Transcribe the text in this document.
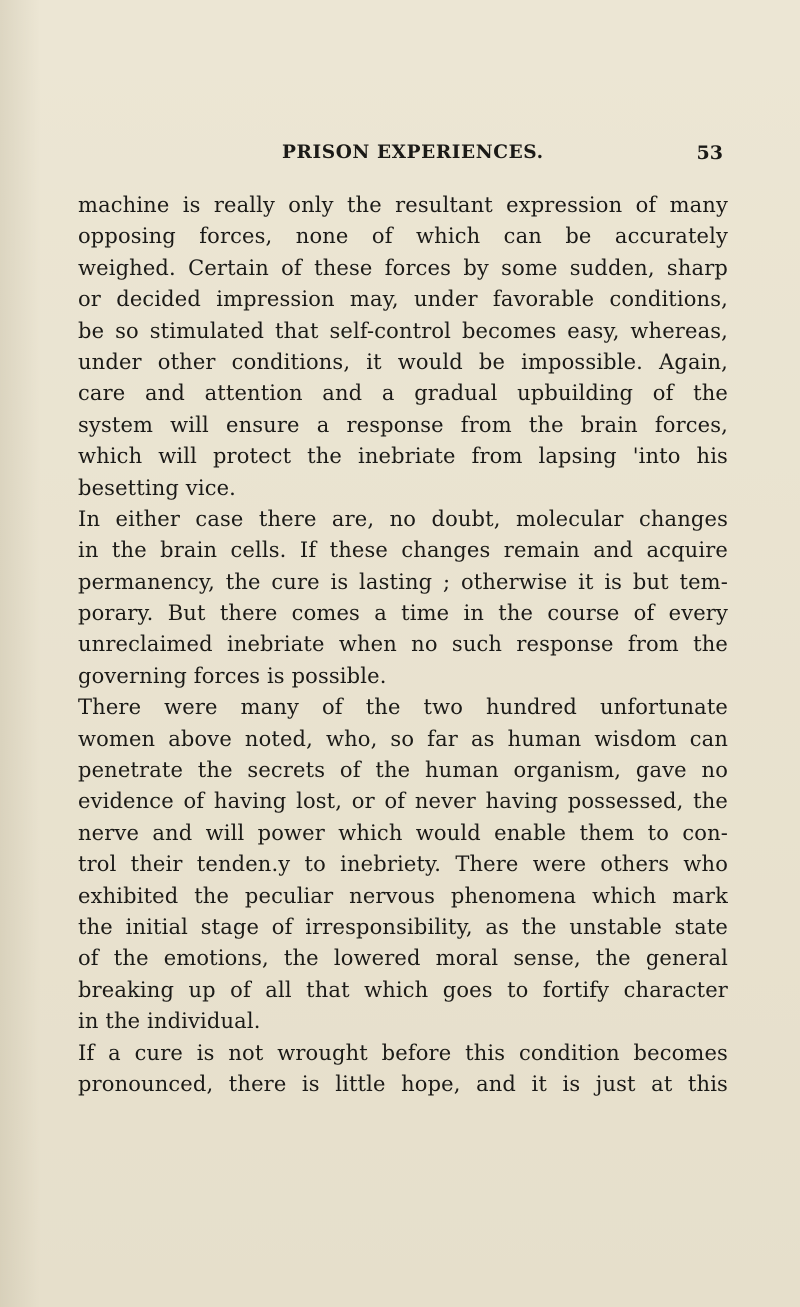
PRISON EXPERIENCES.	53
machine is really only the resultant expression of many
opposing forces, none of which can be accurately
weighed. Certain of these forces by some sudden, sharp
or decided impression may, under favorable conditions,
be so stimulated that self-control becomes easy, whereas,
under other conditions, it would be impossible. Again,
care and attention and a gradual upbuilding of the
system will ensure a response from the brain forces,
which will protect the inebriate from lapsing 'into his
besetting vice.
In either case there are, no doubt, molecular changes
in the brain cells. If these changes remain and acquire
permanency, the cure is lasting ; otherwise it is but tem-
porary. But there comes a time in the course of every
unreclaimed inebriate when no such response from the
governing forces is possible.
There were many of the two hundred unfortunate
women above noted, who, so far as human wisdom can
penetrate the secrets of the human organism, gave no
evidence of having lost, or of never having possessed, the
nerve and will power which would enable them to con-
trol their tenden.y to inebriety. There were others who
exhibited the peculiar nervous phenomena which mark
the initial stage of irresponsibility, as the unstable state
of the emotions, the lowered moral sense, the general
breaking up of all that which goes to fortify character
in the individual.
If a cure is not wrought before this condition becomes
pronounced, there is little hope, and it is just at this
